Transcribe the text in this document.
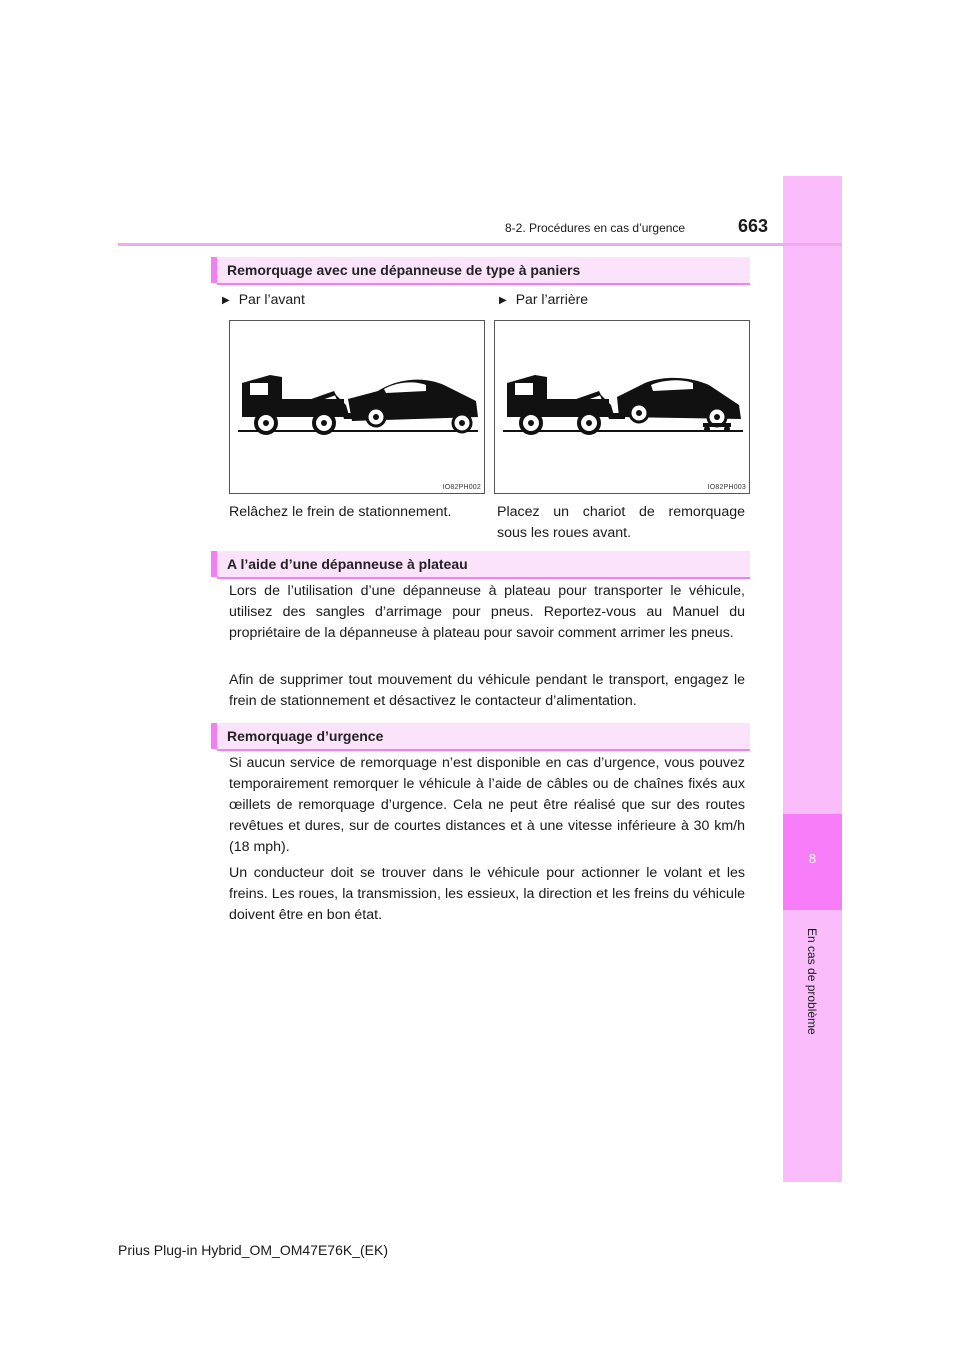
8
En cas de problème
8-2. Procédures en cas d’urgence	663
Remorquage avec une dépanneuse de type à paniers
▶ Par l’avant	▶ Par l’arrière
IO82PH002	IO82PH003
Relâchez le frein de stationnement.	Placez un chariot de remorquage
sous les roues avant.
A l’aide d’une dépanneuse à plateau
Lors de l’utilisation d’une dépanneuse à plateau pour transporter le véhicule, utilisez des sangles d’arrimage pour pneus. Reportez-vous au Manuel du propriétaire de la dépanneuse à plateau pour savoir comment arrimer les pneus.
Afin de supprimer tout mouvement du véhicule pendant le transport, engagez le frein de stationnement et désactivez le contacteur d’alimentation.
Remorquage d’urgence
Si aucun service de remorquage n’est disponible en cas d’urgence, vous pouvez temporairement remorquer le véhicule à l’aide de câbles ou de chaînes fixés aux œillets de remorquage d’urgence. Cela ne peut être réalisé que sur des routes revêtues et dures, sur de courtes distances et à une vitesse inférieure à 30 km/h (18 mph).
Un conducteur doit se trouver dans le véhicule pour actionner le volant et les freins. Les roues, la transmission, les essieux, la direction et les freins du véhicule doivent être en bon état.
Prius Plug-in Hybrid_OM_OM47E76K_(EK)
